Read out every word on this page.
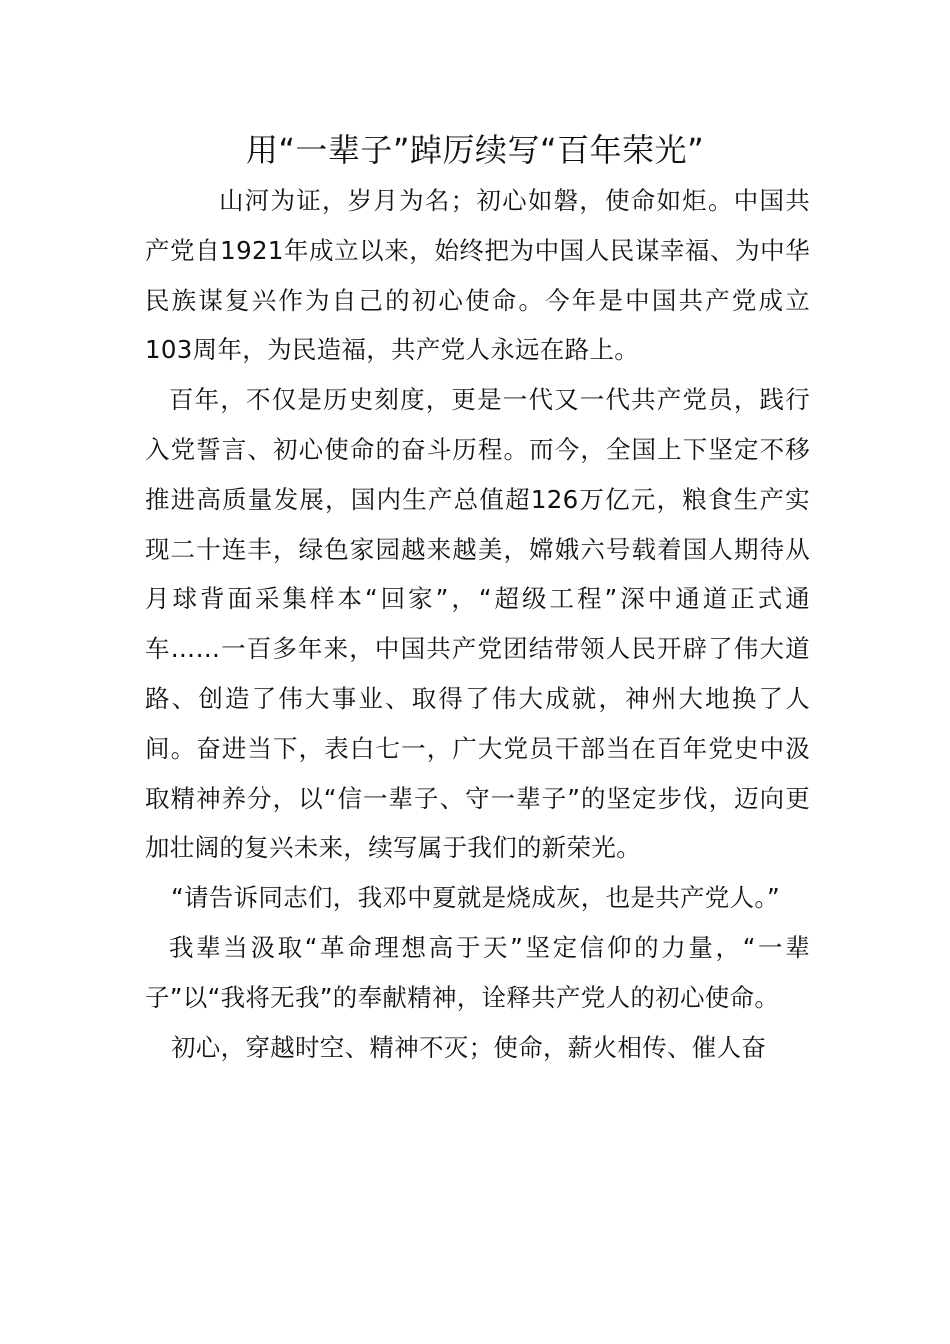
用“一辈子”踔厉续写“百年荣光”

山河为证，岁月为名；初心如磐，使命如炬。中国共产党自1921年成立以来，始终把为中国人民谋幸福、为中华民族谋复兴作为自己的初心使命。今年是中国共产党成立103周年，为民造福，共产党人永远在路上。

百年，不仅是历史刻度，更是一代又一代共产党员，践行入党誓言、初心使命的奋斗历程。而今，全国上下坚定不移推进高质量发展，国内生产总值超126万亿元，粮食生产实现二十连丰，绿色家园越来越美，嫦娥六号载着国人期待从月球背面采集样本“回家”，“超级工程”深中通道正式通车……一百多年来，中国共产党团结带领人民开辟了伟大道路、创造了伟大事业、取得了伟大成就，神州大地换了人间。奋进当下，表白七一，广大党员干部当在百年党史中汲取精神养分，以“信一辈子、守一辈子”的坚定步伐，迈向更加壮阔的复兴未来，续写属于我们的新荣光。

“请告诉同志们，我邓中夏就是烧成灰，也是共产党人。”

我辈当汲取“革命理想高于天”坚定信仰的力量，“一辈子”以“我将无我”的奉献精神，诠释共产党人的初心使命。

初心，穿越时空、精神不灭；使命，薪火相传、催人奋
